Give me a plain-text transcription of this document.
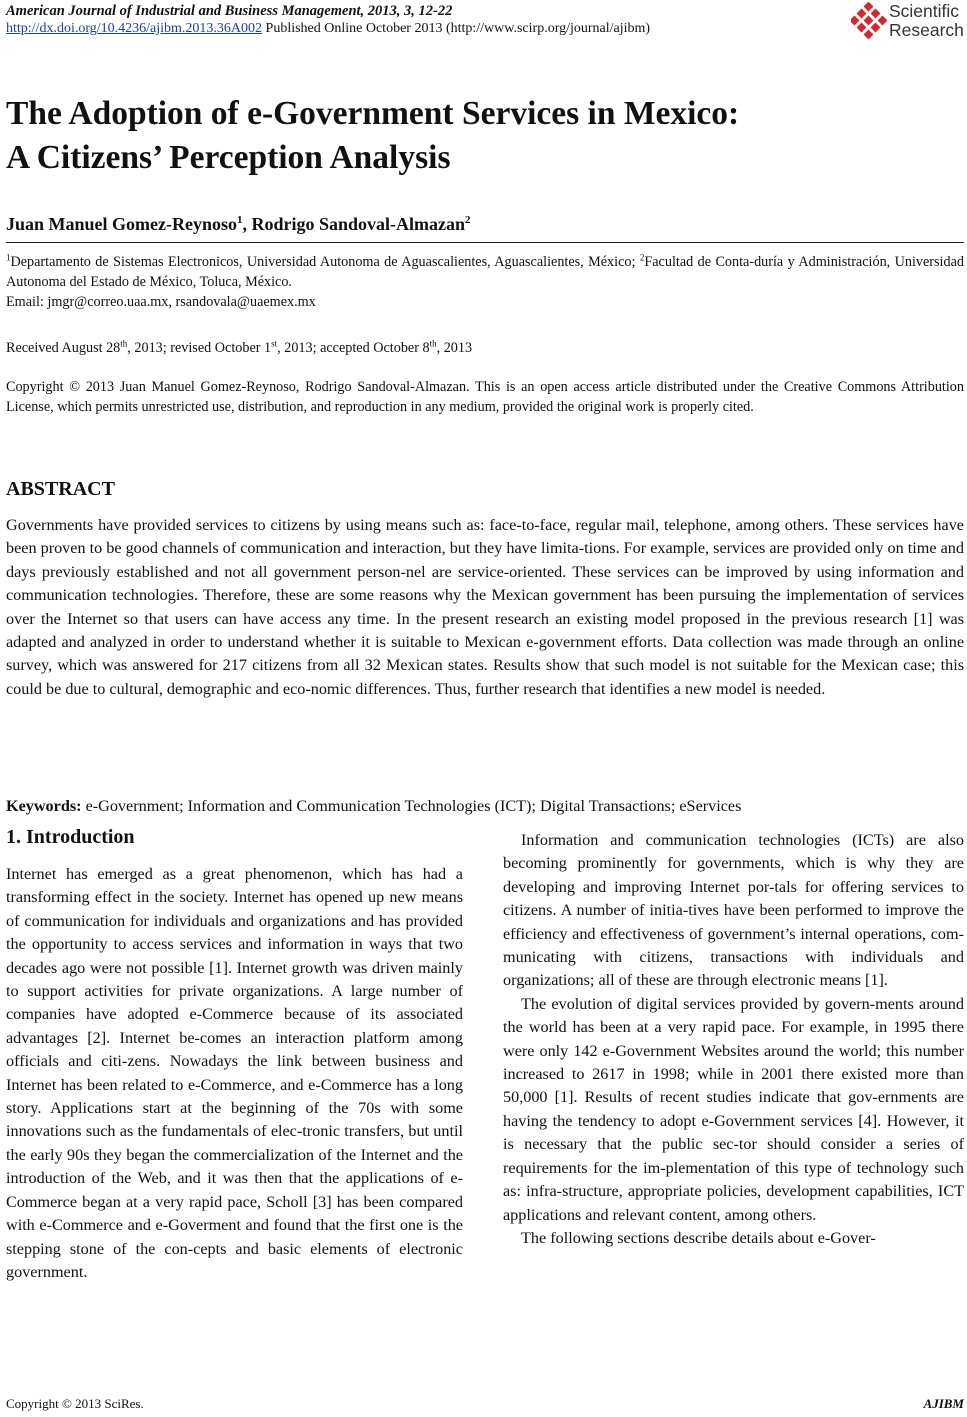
American Journal of Industrial and Business Management, 2013, 3, 12-22
http://dx.doi.org/10.4236/ajibm.2013.36A002 Published Online October 2013 (http://www.scirp.org/journal/ajibm)
Scientific
Research
The Adoption of e-Government Services in Mexico:
A Citizens’ Perception Analysis
Juan Manuel Gomez-Reynoso$^1$, Rodrigo Sandoval-Almazan$^2$
$^1$Departamento de Sistemas Electronicos, Universidad Autonoma de Aguascalientes, Aguascalientes, México; $^2$Facultad de Conta-duría y Administración, Universidad Autonoma del Estado de México, Toluca, México.
Email: jmgr@correo.uaa.mx, rsandovala@uaemex.mx
Received August 28th, 2013; revised October 1st, 2013; accepted October 8th, 2013
Copyright © 2013 Juan Manuel Gomez-Reynoso, Rodrigo Sandoval-Almazan. This is an open access article distributed under the Creative Commons Attribution License, which permits unrestricted use, distribution, and reproduction in any medium, provided the original work is properly cited.
ABSTRACT
Governments have provided services to citizens by using means such as: face-to-face, regular mail, telephone, among others. These services have been proven to be good channels of communication and interaction, but they have limita-tions. For example, services are provided only on time and days previously established and not all government person-nel are service-oriented. These services can be improved by using information and communication technologies. Therefore, these are some reasons why the Mexican government has been pursuing the implementation of services over the Internet so that users can have access any time. In the present research an existing model proposed in the previous research [1] was adapted and analyzed in order to understand whether it is suitable to Mexican e-government efforts. Data collection was made through an online survey, which was answered for 217 citizens from all 32 Mexican states. Results show that such model is not suitable for the Mexican case; this could be due to cultural, demographic and eco-nomic differences. Thus, further research that identifies a new model is needed.
Keywords: e-Government; Information and Communication Technologies (ICT); Digital Transactions; eServices
1. Introduction

Internet has emerged as a great phenomenon, which has had a transforming effect in the society. Internet has opened up new means of communication for individuals and organizations and has provided the opportunity to access services and information in ways that two decades ago were not possible [1]. Internet growth was driven mainly to support activities for private organizations. A large number of companies have adopted e-Commerce because of its associated advantages [2]. Internet be-comes an interaction platform among officials and citi-zens. Nowadays the link between business and Internet has been related to e-Commerce, and e-Commerce has a long story. Applications start at the beginning of the 70s with some innovations such as the fundamentals of elec-tronic transfers, but until the early 90s they began the commercialization of the Internet and the introduction of the Web, and it was then that the applications of e-Commerce began at a very rapid pace, Scholl [3] has been compared with e-Commerce and e-Goverment and found that the first one is the stepping stone of the con-cepts and basic elements of electronic government.

Information and communication technologies (ICTs) are also becoming prominently for governments, which is why they are developing and improving Internet por-tals for offering services to citizens. A number of initia-tives have been performed to improve the efficiency and effectiveness of government’s internal operations, com-municating with citizens, transactions with individuals and organizations; all of these are through electronic means [1].

The evolution of digital services provided by govern-ments around the world has been at a very rapid pace. For example, in 1995 there were only 142 e-Government Websites around the world; this number increased to 2617 in 1998; while in 2001 there existed more than 50,000 [1]. Results of recent studies indicate that gov-ernments are having the tendency to adopt e-Government services [4]. However, it is necessary that the public sec-tor should consider a series of requirements for the im-plementation of this type of technology such as: infra-structure, appropriate policies, development capabilities, ICT applications and relevant content, among others.

The following sections describe details about e-Gover-

Copyright © 2013 SciRes.	AJIBM
